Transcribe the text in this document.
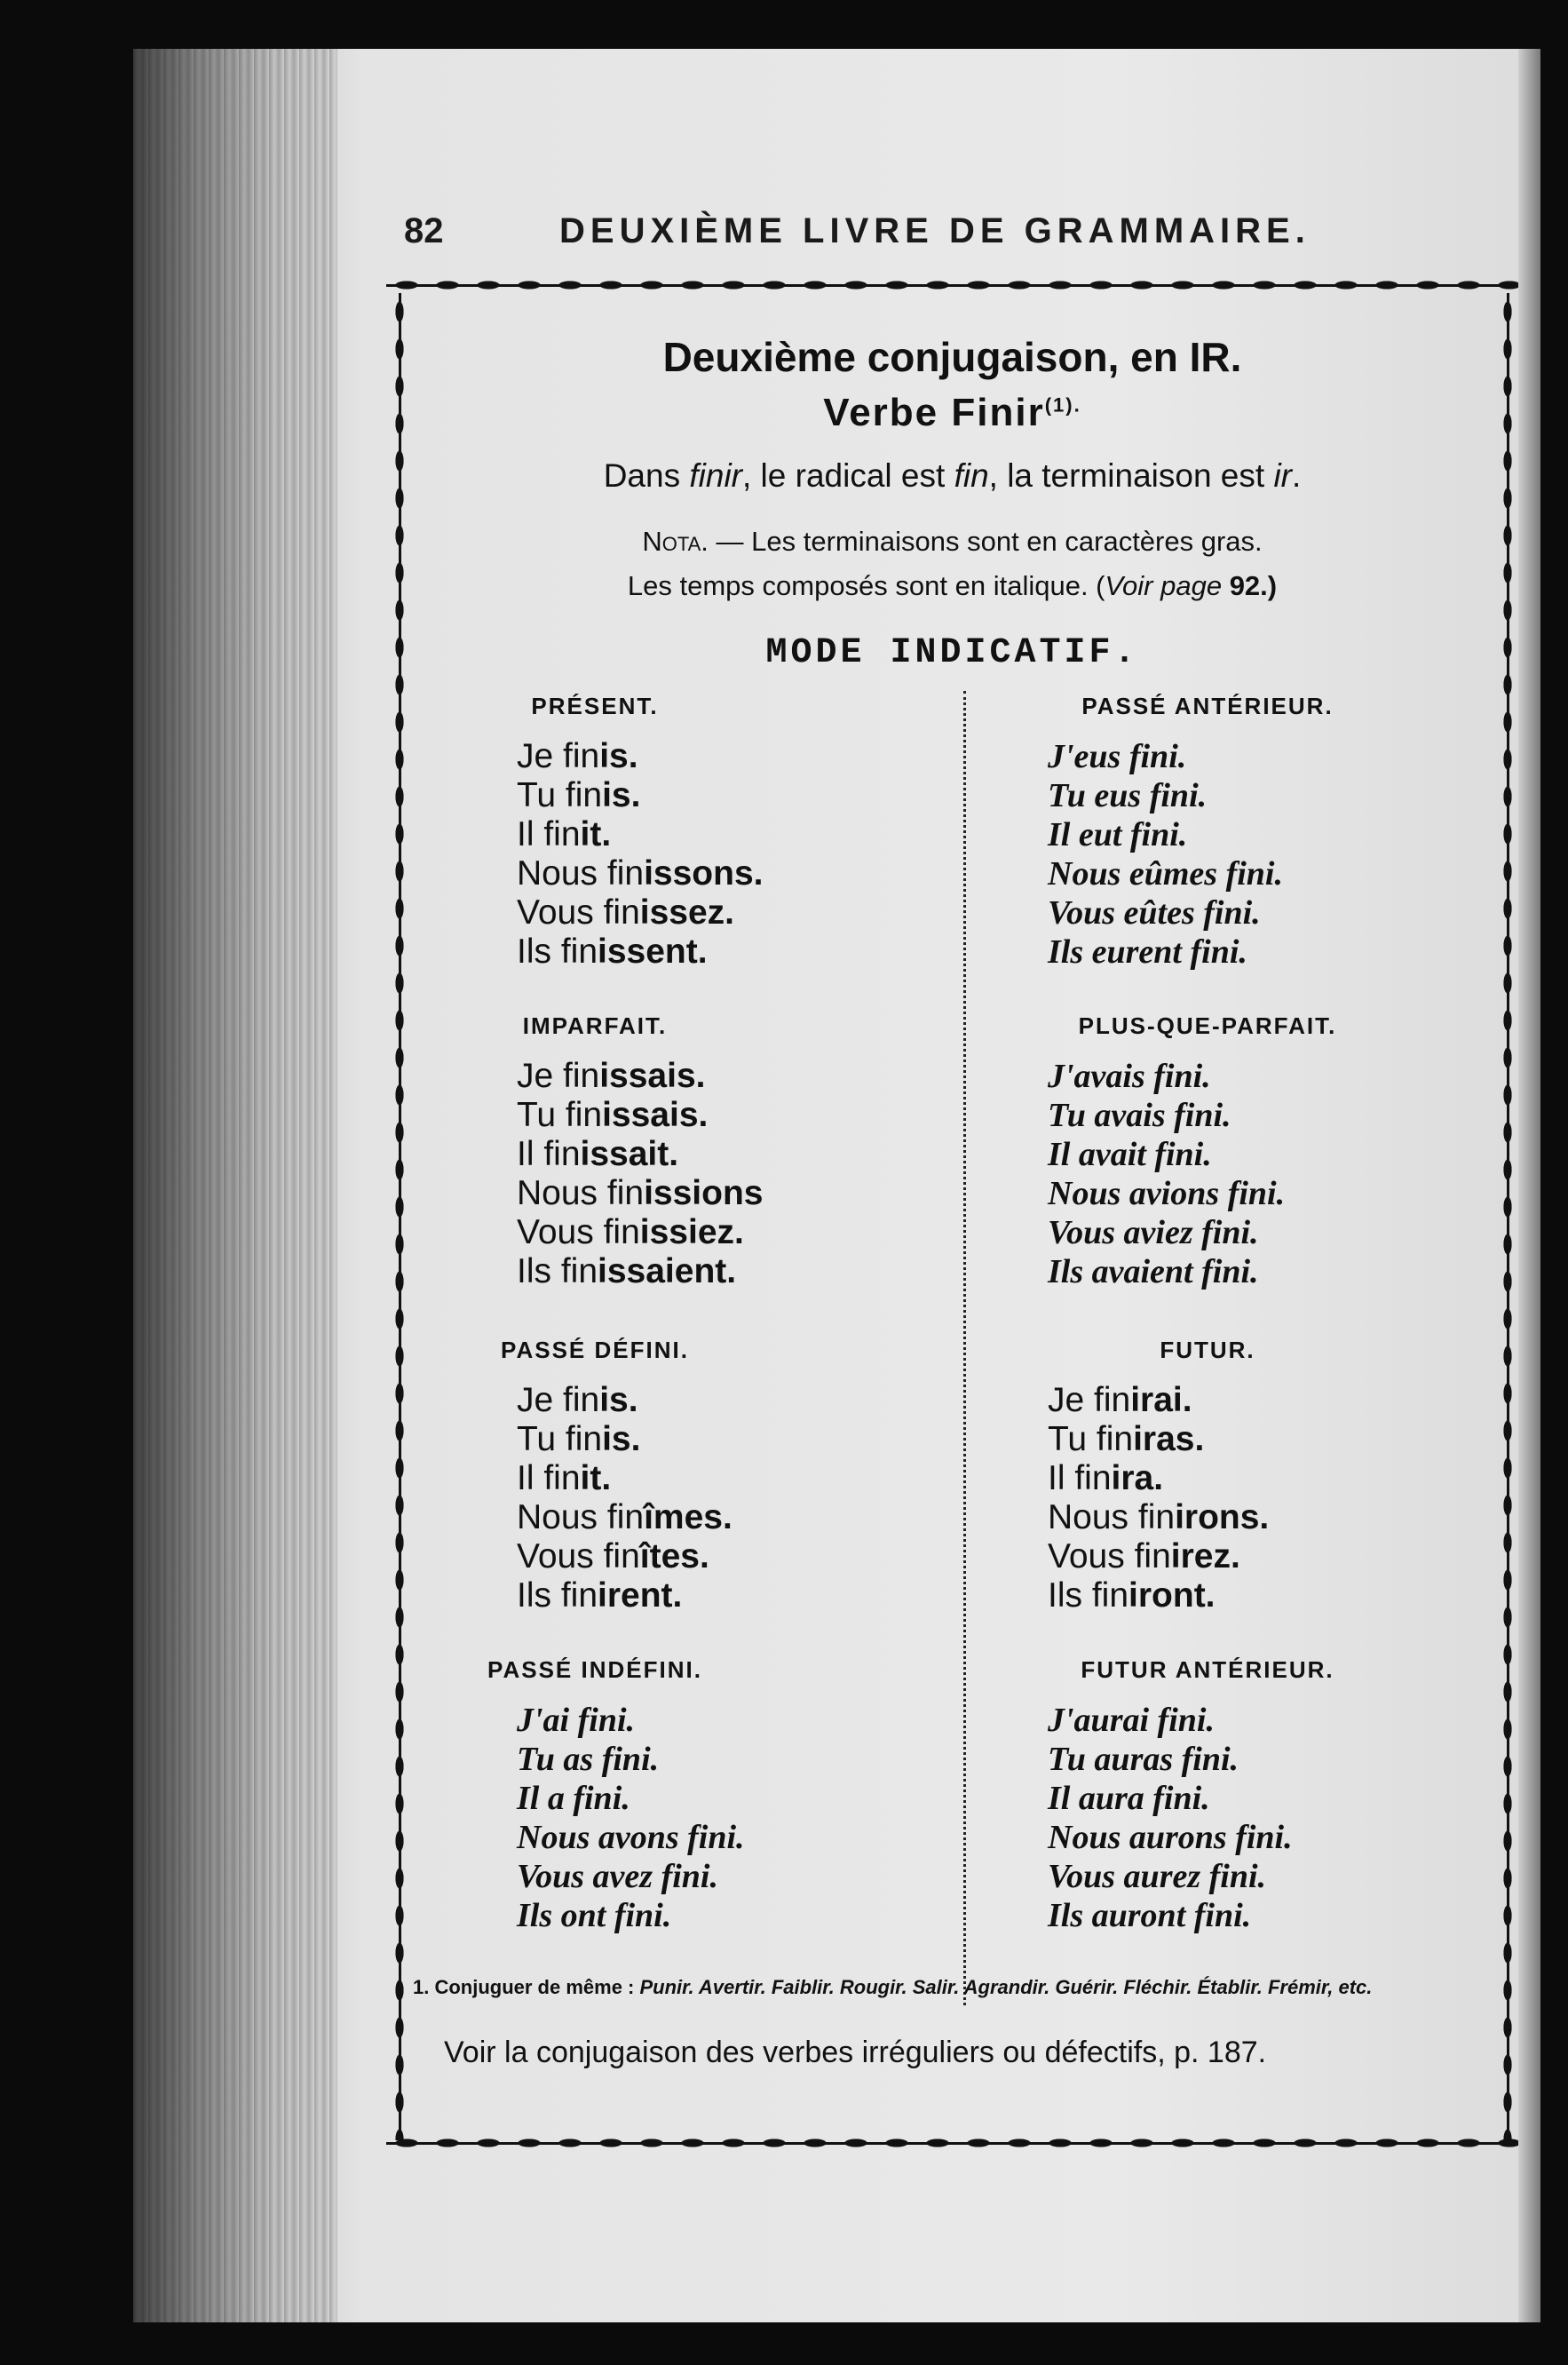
82	DEUXIÈME LIVRE DE GRAMMAIRE.
Deuxième conjugaison, en IR.
Verbe Finir$^{(1).}$
Dans finir, le radical est fin, la terminaison est ir.
Nota. — Les terminaisons sont en caractères gras.
Les temps composés sont en italique. (Voir page 92.)
MODE INDICATIF.
PRÉSENT.
Je finis.
Tu finis.
Il finit.
Nous finissons.
Vous finissez.
Ils finissent.
IMPARFAIT.
Je finissais.
Tu finissais.
Il finissait.
Nous finissions
Vous finissiez.
Ils finissaient.
PASSÉ DÉFINI.
Je finis.
Tu finis.
Il finit.
Nous finîmes.
Vous finîtes.
Ils finirent.
PASSÉ INDÉFINI.
J'ai fini.
Tu as fini.
Il a fini.
Nous avons fini.
Vous avez fini.
Ils ont fini.
PASSÉ ANTÉRIEUR.
J'eus fini.
Tu eus fini.
Il eut fini.
Nous eûmes fini.
Vous eûtes fini.
Ils eurent fini.
PLUS-QUE-PARFAIT.
J'avais fini.
Tu avais fini.
Il avait fini.
Nous avions fini.
Vous aviez fini.
Ils avaient fini.
FUTUR.
Je finirai.
Tu finiras.
Il finira.
Nous finirons.
Vous finirez.
Ils finiront.
FUTUR ANTÉRIEUR.
J'aurai fini.
Tu auras fini.
Il aura fini.
Nous aurons fini.
Vous aurez fini.
Ils auront fini.
1. Conjuguer de même : Punir. Avertir. Faiblir. Rougir. Salir. Agrandir. Guérir. Fléchir. Établir. Frémir, etc.
Voir la conjugaison des verbes irréguliers ou défectifs, p. 187.
